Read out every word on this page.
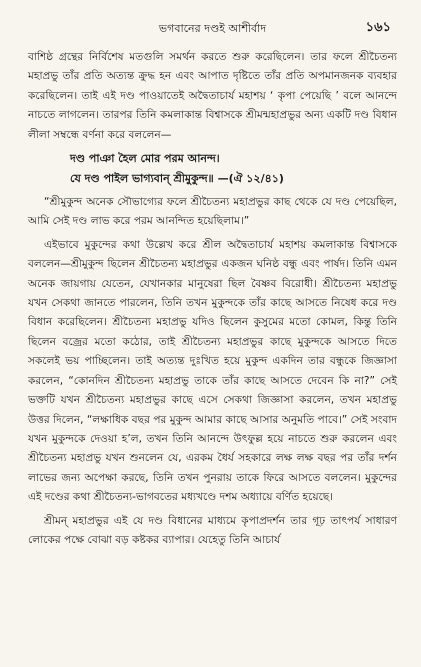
ভগবানের দণ্ডই আশীর্বাদ	১৬১

বাশিষ্ঠ গ্রন্থের নির্বিশেষ মতগুলি সমর্থন করতে শুরু করেছিলেন। তার ফলে শ্রীচৈতন্য মহাপ্রভু তাঁর প্রতি অত্যন্ত ক্রুদ্ধ হন এবং আপাত দৃষ্টিতে তাঁর প্রতি অপমানজনক ব্যবহার করেছিলেন। তাই এই দণ্ড পাওয়াতেই অদ্বৈতাচার্য মহাশয় ‘ কৃপা পেয়েছি ’ বলে আনন্দে নাচতে লাগলেন। তারপর তিনি কমলাকান্ত বিশ্বাসকে শ্রীমন্মহাপ্রভুর অন্য একটি দণ্ড বিধান লীলা সম্বন্ধে বর্ণনা করে বললেন—

দণ্ড পাঞা হৈল মোর পরম আনন্দ।
যে দণ্ড পাইল ভাগ্যবান্ শ্রীমুকুন্দ॥ —(ঐ ১২/৪১)

“শ্রীমুকুন্দ অনেক সৌভাগ্যের ফলে শ্রীচৈতন্য মহাপ্রভুর কাছ থেকে যে দণ্ড পেয়েছিল, আমি সেই দণ্ড লাভ করে পরম আনন্দিত হয়েছিলাম।”

এইভাবে মুকুন্দের কথা উল্লেখ করে শ্রীল অদ্বৈতাচার্য মহাশয় কমলাকান্ত বিশ্বাসকে বললেন—শ্রীমুকুন্দ ছিলেন শ্রীচৈতন্য মহাপ্রভুর একজন ঘনিষ্ঠ বন্ধু এবং পার্ষদ। তিনি এমন অনেক জায়গায় যেতেন, যেখানকার মানুষেরা ছিল বৈষ্ণব বিরোধী। শ্রীচৈতন্য মহাপ্রভু যখন সেকথা জানতে পারলেন, তিনি তখন মুকুন্দকে তাঁর কাছে আসতে নিষেধ করে দণ্ড বিধান করেছিলেন। শ্রীচৈতন্য মহাপ্রভু যদিও ছিলেন কুসুমের মতো কোমল, কিন্তু তিনি ছিলেন বজ্রের মতো কঠোর, তাই শ্রীচৈতন্য মহাপ্রভুর কাছে মুকুন্দকে আসতে দিতে সকলেই ভয় পাচ্ছিলেন। তাই অত্যন্ত দুঃখিত হয়ে মুকুন্দ একদিন তার বন্ধুকে জিজ্ঞাসা করলেন, “কোনদিন শ্রীচৈতন্য মহাপ্রভু তাকে তাঁর কাছে আসতে দেবেন কি না?” সেই ভক্তটি যখন শ্রীচৈতন্য মহাপ্রভুর কাছে এসে সেকথা জিজ্ঞাসা করলেন, তখন মহাপ্রভু উত্তর দিলেন, “লক্ষাধিক বছর পর মুকুন্দ আমার কাছে আসার অনুমতি পাবে।” সেই সংবাদ যখন মুকুন্দকে দেওয়া হ’ল, তখন তিনি আনন্দে উৎফুল্ল হয়ে নাচতে শুরু করলেন এবং শ্রীচৈতন্য মহাপ্রভু যখন শুনলেন যে, এরকম ধৈর্য সহকারে লক্ষ লক্ষ বছর পর তাঁর দর্শন লাভের জন্য অপেক্ষা করছে, তিনি তখন পুনরায় তাকে ফিরে আসতে বললেন। মুকুন্দের এই দণ্ডের কথা শ্রীচৈতন্য-ভাগবতের মধ্যখণ্ডে দশম অধ্যায়ে বর্ণিত হয়েছে।

শ্রীমন্ মহাপ্রভুর এই যে দণ্ড বিধানের মাধ্যমে কৃপাপ্রদর্শন তার গূঢ় তাৎপর্য সাধারণ লোকের পক্ষে বোঝা বড় কষ্টকর ব্যাপার। যেহেতু তিনি আচার্য
